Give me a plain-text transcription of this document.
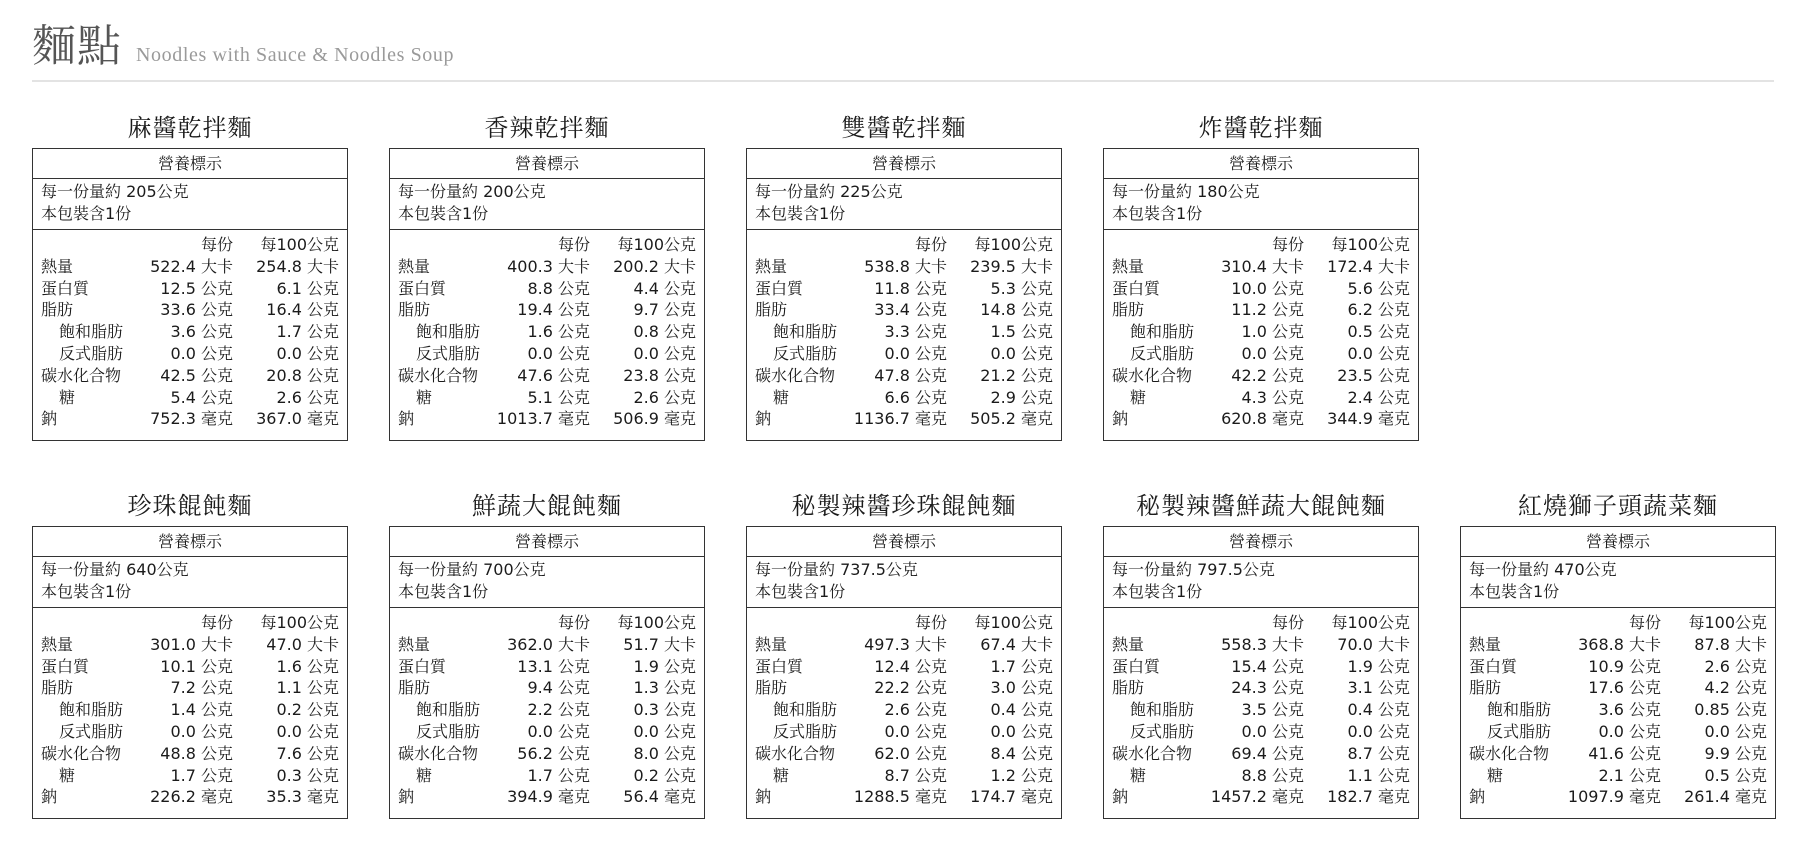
麵點 Noodles with Sauce & Noodles Soup
麻醬乾拌麵
營養標示
每一份量約 205公克
本包裝含1份
每份	每100公克
熱量	522.4 大卡	254.8 大卡
蛋白質	12.5 公克	6.1 公克
脂肪	33.6 公克	16.4 公克
飽和脂肪	3.6 公克	1.7 公克
反式脂肪	0.0 公克	0.0 公克
碳水化合物	42.5 公克	20.8 公克
糖	5.4 公克	2.6 公克
鈉	752.3 毫克	367.0 毫克
香辣乾拌麵
營養標示
每一份量約 200公克
本包裝含1份
每份	每100公克
熱量	400.3 大卡	200.2 大卡
蛋白質	8.8 公克	4.4 公克
脂肪	19.4 公克	9.7 公克
飽和脂肪	1.6 公克	0.8 公克
反式脂肪	0.0 公克	0.0 公克
碳水化合物	47.6 公克	23.8 公克
糖	5.1 公克	2.6 公克
鈉	1013.7 毫克	506.9 毫克
雙醬乾拌麵
營養標示
每一份量約 225公克
本包裝含1份
每份	每100公克
熱量	538.8 大卡	239.5 大卡
蛋白質	11.8 公克	5.3 公克
脂肪	33.4 公克	14.8 公克
飽和脂肪	3.3 公克	1.5 公克
反式脂肪	0.0 公克	0.0 公克
碳水化合物	47.8 公克	21.2 公克
糖	6.6 公克	2.9 公克
鈉	1136.7 毫克	505.2 毫克
炸醬乾拌麵
營養標示
每一份量約 180公克
本包裝含1份
每份	每100公克
熱量	310.4 大卡	172.4 大卡
蛋白質	10.0 公克	5.6 公克
脂肪	11.2 公克	6.2 公克
飽和脂肪	1.0 公克	0.5 公克
反式脂肪	0.0 公克	0.0 公克
碳水化合物	42.2 公克	23.5 公克
糖	4.3 公克	2.4 公克
鈉	620.8 毫克	344.9 毫克
珍珠餛飩麵
營養標示
每一份量約 640公克
本包裝含1份
每份	每100公克
熱量	301.0 大卡	47.0 大卡
蛋白質	10.1 公克	1.6 公克
脂肪	7.2 公克	1.1 公克
飽和脂肪	1.4 公克	0.2 公克
反式脂肪	0.0 公克	0.0 公克
碳水化合物	48.8 公克	7.6 公克
糖	1.7 公克	0.3 公克
鈉	226.2 毫克	35.3 毫克
鮮蔬大餛飩麵
營養標示
每一份量約 700公克
本包裝含1份
每份	每100公克
熱量	362.0 大卡	51.7 大卡
蛋白質	13.1 公克	1.9 公克
脂肪	9.4 公克	1.3 公克
飽和脂肪	2.2 公克	0.3 公克
反式脂肪	0.0 公克	0.0 公克
碳水化合物	56.2 公克	8.0 公克
糖	1.7 公克	0.2 公克
鈉	394.9 毫克	56.4 毫克
秘製辣醬珍珠餛飩麵
營養標示
每一份量約 737.5公克
本包裝含1份
每份	每100公克
熱量	497.3 大卡	67.4 大卡
蛋白質	12.4 公克	1.7 公克
脂肪	22.2 公克	3.0 公克
飽和脂肪	2.6 公克	0.4 公克
反式脂肪	0.0 公克	0.0 公克
碳水化合物	62.0 公克	8.4 公克
糖	8.7 公克	1.2 公克
鈉	1288.5 毫克	174.7 毫克
秘製辣醬鮮蔬大餛飩麵
營養標示
每一份量約 797.5公克
本包裝含1份
每份	每100公克
熱量	558.3 大卡	70.0 大卡
蛋白質	15.4 公克	1.9 公克
脂肪	24.3 公克	3.1 公克
飽和脂肪	3.5 公克	0.4 公克
反式脂肪	0.0 公克	0.0 公克
碳水化合物	69.4 公克	8.7 公克
糖	8.8 公克	1.1 公克
鈉	1457.2 毫克	182.7 毫克
紅燒獅子頭蔬菜麵
營養標示
每一份量約 470公克
本包裝含1份
每份	每100公克
熱量	368.8 大卡	87.8 大卡
蛋白質	10.9 公克	2.6 公克
脂肪	17.6 公克	4.2 公克
飽和脂肪	3.6 公克	0.85 公克
反式脂肪	0.0 公克	0.0 公克
碳水化合物	41.6 公克	9.9 公克
糖	2.1 公克	0.5 公克
鈉	1097.9 毫克	261.4 毫克
